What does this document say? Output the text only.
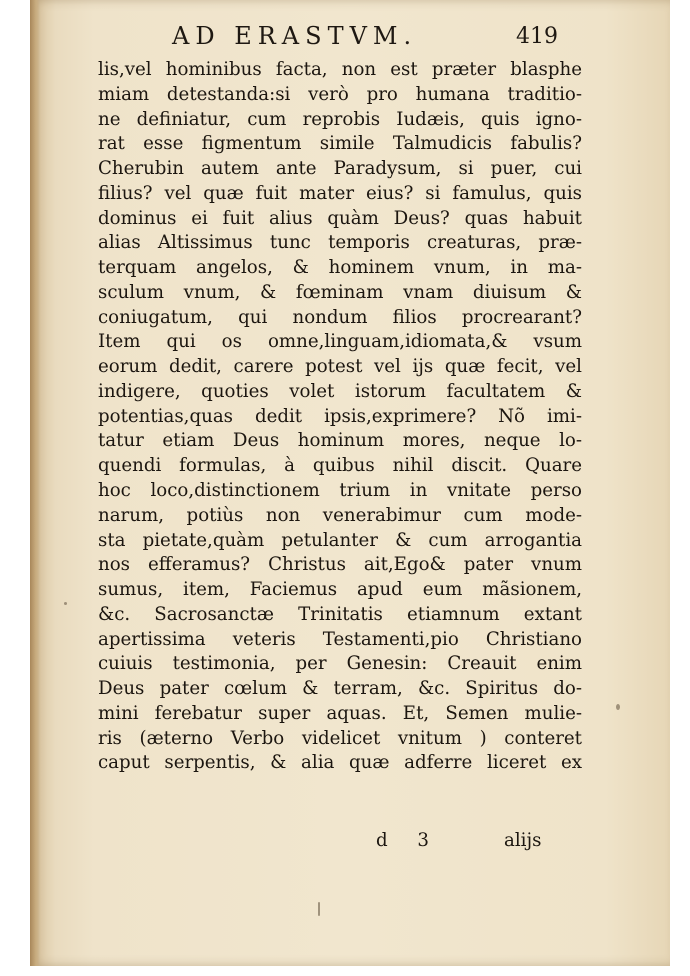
AD ERASTVM.	419
lis,vel hominibus facta, non est præter blasphe
miam detestanda:si verò pro humana traditio-
ne definiatur, cum reprobis Iudæis, quis igno-
rat esse figmentum simile Talmudicis fabulis?
Cherubin autem ante Paradysum, si puer, cui
filius? vel quæ fuit mater eius? si famulus, quis
dominus ei fuit alius quàm Deus? quas habuit
alias Altissimus tunc temporis creaturas, præ-
terquam angelos, & hominem vnum, in ma-
sculum vnum, & fœminam vnam diuisum &
coniugatum, qui nondum filios procrearant?
Item qui os omne,linguam,idiomata,& vsum
eorum dedit, carere potest vel ijs quæ fecit, vel
indigere, quoties volet istorum facultatem &
potentias,quas dedit ipsis,exprimere? Nõ imi-
tatur etiam Deus hominum mores, neque lo-
quendi formulas, à quibus nihil discit. Quare
hoc loco,distinctionem trium in vnitate perso
narum, potiùs non venerabimur cum mode-
sta pietate,quàm petulanter & cum arrogantia
nos efferamus? Christus ait,Ego& pater vnum
sumus, item, Faciemus apud eum mãsionem,
&c. Sacrosanctæ Trinitatis etiamnum extant
apertissima veteris Testamenti,pio Christiano
cuiuis testimonia, per Genesin: Creauit enim
Deus pater cœlum & terram, &c. Spiritus do-
mini ferebatur super aquas. Et, Semen mulie-
ris (æterno Verbo videlicet vnitum ) conteret
caput serpentis, & alia quæ adferre liceret ex
d 3	alijs
